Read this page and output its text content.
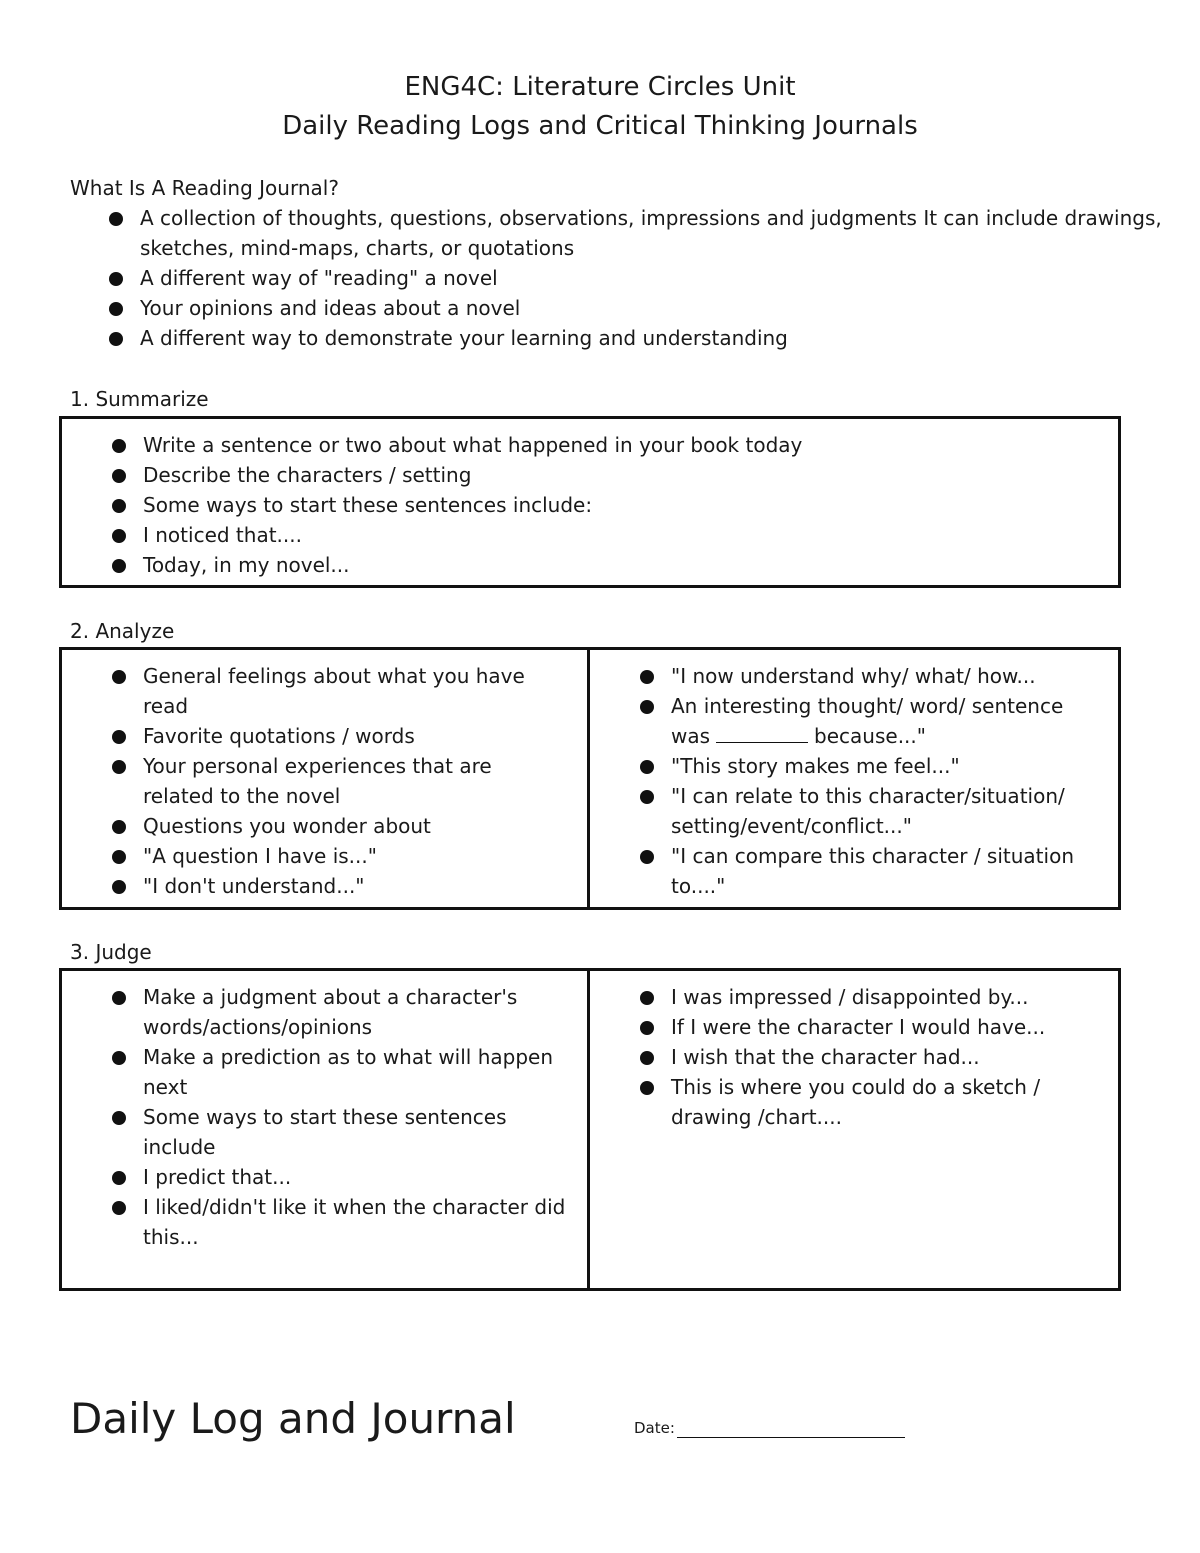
ENG4C: Literature Circles Unit

Daily Reading Logs and Critical Thinking Journals

What Is A Reading Journal?
A collection of thoughts, questions, observations, impressions and judgments It can include drawings, sketches, mind-maps, charts, or quotations
A different way of "reading" a novel
Your opinions and ideas about a novel
A different way to demonstrate your learning and understanding
1. Summarize
Write a sentence or two about what happened in your book today
Describe the characters / setting
Some ways to start these sentences include:
I noticed that....
Today, in my novel...
2. Analyze
General feelings about what you have read
Favorite quotations / words
Your personal experiences that are related to the novel
Questions you wonder about
"A question I have is..."
"I don't understand..."
"I now understand why/ what/ how...
An interesting thought/ word/ sentence was	because..."
"This story makes me feel..."
"I can relate to this character/situation/ setting/event/conflict..."
"I can compare this character / situation to...."
3. Judge
Make a judgment about a character's words/actions/opinions
Make a prediction as to what will happen next
Some ways to start these sentences include
I predict that...
I liked/didn't like it when the character did this...
I was impressed / disappointed by...
If I were the character I would have...
I wish that the character had...
This is where you could do a sketch / drawing /chart....
Daily Log and Journal	Date:
